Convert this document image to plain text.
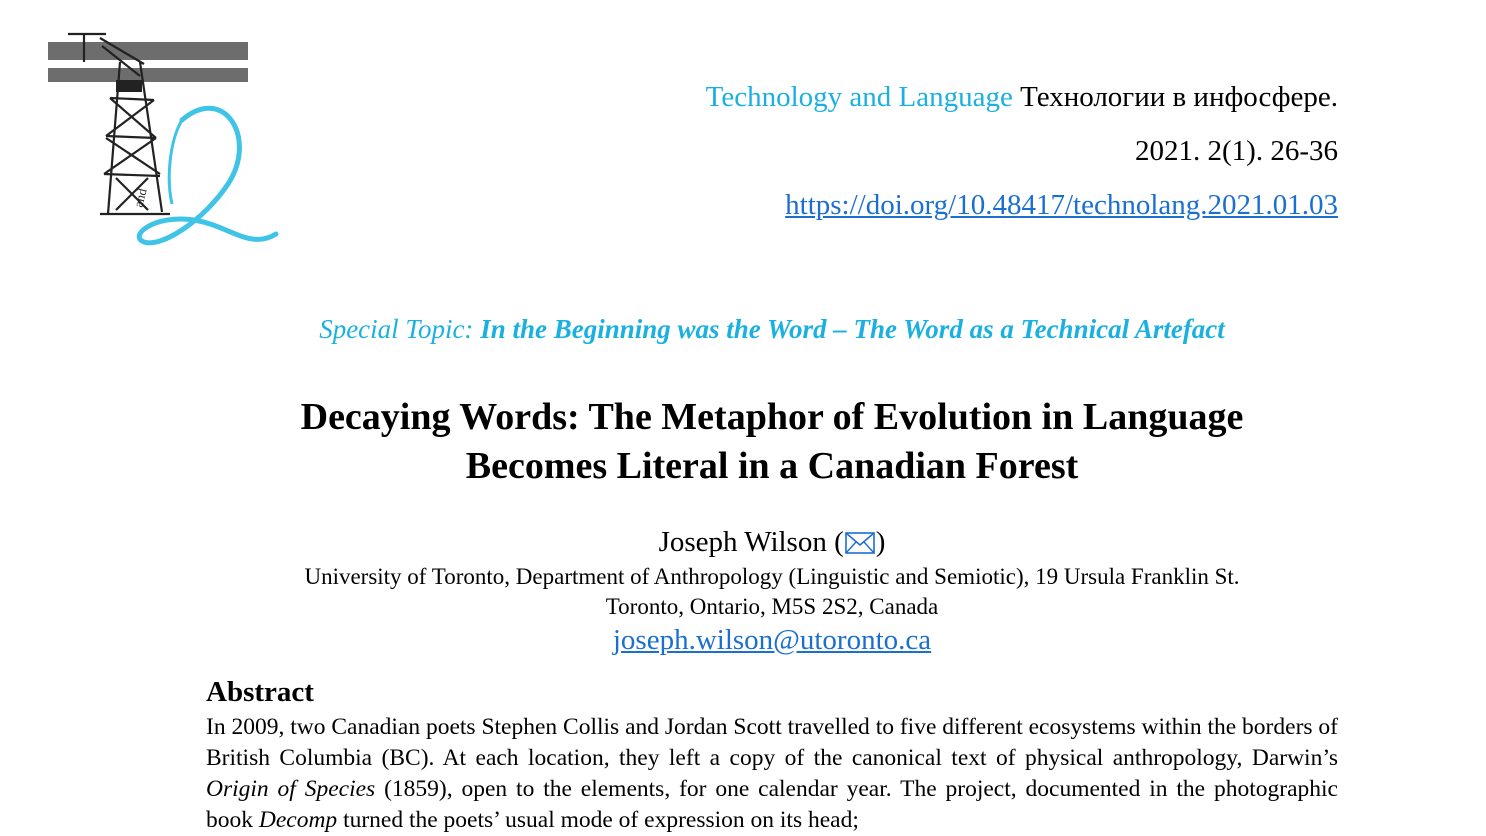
and
Technology and Language Технологии в инфосфере.
2021. 2(1). 26-36
https://doi.org/10.48417/technolang.2021.01.03
Special Topic: In the Beginning was the Word – The Word as a Technical Artefact
Decaying Words: The Metaphor of Evolution in Language
Becomes Literal in a Canadian Forest
Joseph Wilson ( )
University of Toronto, Department of Anthropology (Linguistic and Semiotic), 19 Ursula Franklin St.
Toronto, Ontario, M5S 2S2, Canada
joseph.wilson@utoronto.ca
Abstract

In 2009, two Canadian poets Stephen Collis and Jordan Scott travelled to five different ecosystems within the borders of British Columbia (BC). At each location, they left a copy of the canonical text of physical anthropology, Darwin’s Origin of Species (1859), open to the elements, for one calendar year. The project, documented in the photographic book Decomp turned the poets’ usual mode of expression on its head;
